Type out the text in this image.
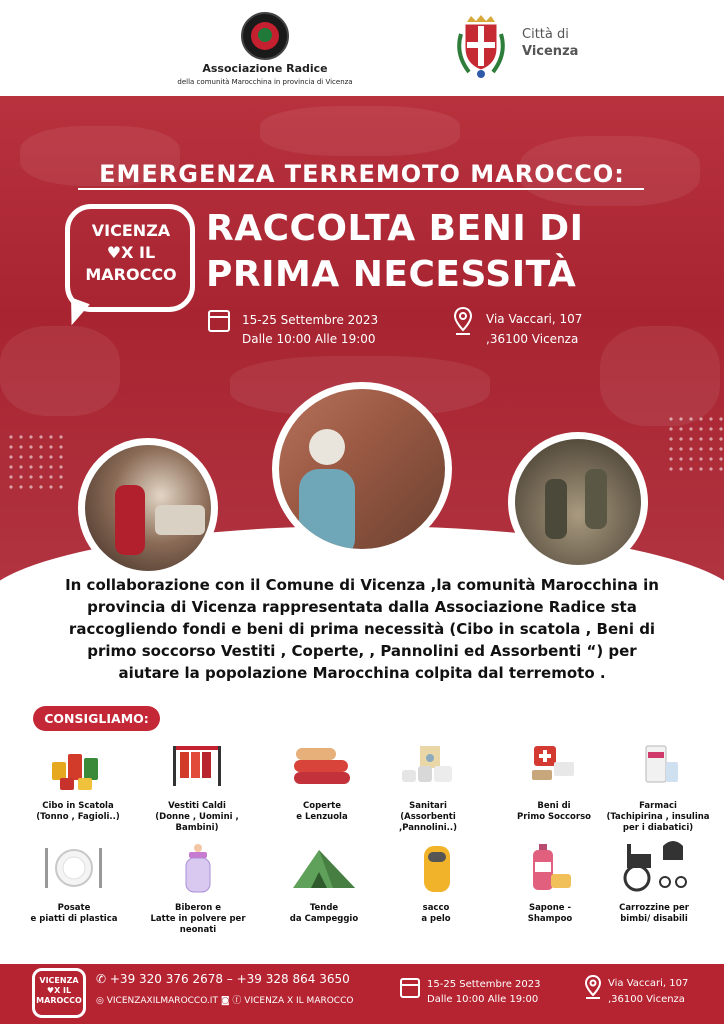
Associazione Radice
della comunità Marocchina in provincia di Vicenza
Città di
Vicenza
EMERGENZA TERREMOTO MAROCCO:
VICENZA
♥X IL
MAROCCO
RACCOLTA BENI DI
PRIMA NECESSITÀ
15-25 Settembre 2023
Dalle 10:00 Alle 19:00
Via Vaccari, 107
,36100 Vicenza
In collaborazione con il Comune di Vicenza ,la comunità Marocchina in provincia di Vicenza rappresentata dalla Associazione Radice sta raccogliendo fondi e beni di prima necessità (Cibo in scatola , Beni di primo soccorso Vestiti , Coperte, , Pannolini ed Assorbenti “) per aiutare la popolazione Marocchina colpita dal terremoto .
CONSIGLIAMO:
Cibo in Scatola
(Tonno , Fagioli..)
Vestiti Caldi
(Donne , Uomini , Bambini)
Coperte
e Lenzuola
Sanitari
(Assorbenti
,Pannolini..)
Beni di
Primo Soccorso
Farmaci
(Tachipirina , insulina
per i diabatici)
Posate
e piatti di plastica
Biberon e
Latte in polvere per neonati
Tende
da Campeggio
sacco
a pelo
Sapone -
Shampoo
Carrozzine per
bimbi/ disabili
VICENZA
♥X IL
MAROCCO
✆ +39 320 376 2678 – +39 328 864 3650
◎ VICENZAXILMAROCCO.IT ◙ ⓕ VICENZA X IL MAROCCO
15-25 Settembre 2023
Dalle 10:00 Alle 19:00
Via Vaccari, 107
,36100 Vicenza
